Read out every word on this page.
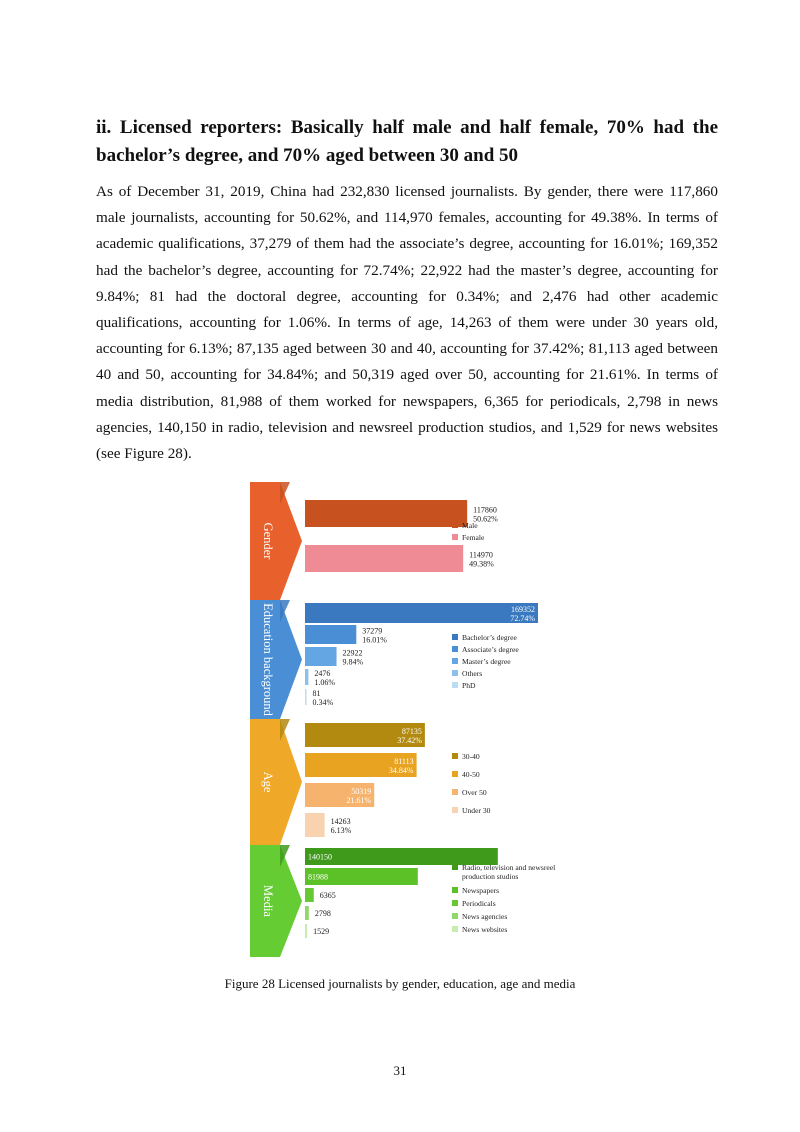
ii. Licensed reporters: Basically half male and half female, 70% had the bachelor’s degree, and 70% aged between 30 and 50

As of December 31, 2019, China had 232,830 licensed journalists. By gender, there were 117,860 male journalists, accounting for 50.62%, and 114,970 females, accounting for 49.38%. In terms of academic qualifications, 37,279 of them had the associate’s degree, accounting for 16.01%; 169,352 had the bachelor’s degree, accounting for 72.74%; 22,922 had the master’s degree, accounting for 9.84%; 81 had the doctoral degree, accounting for 0.34%; and 2,476 had other academic qualifications, accounting for 1.06%. In terms of age, 14,263 of them were under 30 years old, accounting for 6.13%; 87,135 aged between 30 and 40, accounting for 37.42%; 81,113 aged between 40 and 50, accounting for 34.84%; and 50,319 aged over 50, accounting for 21.61%. In terms of media distribution, 81,988 of them worked for newspapers, 6,365 for periodicals, 2,798 in news agencies, 140,150 in radio, television and newsreel production studios, and 1,529 for news websites (see Figure 28).

Gender
117860
50.62%
114970
49.38%
Male
Female
Education background	169352
72.74%
37279
16.01%
22922
9.84%
2476
1.06%
81
0.34%
Bachelor’s degree
Associate’s degree
Master’s degree
Others
PhD
Age
87135
37.42%
81113
34.84%
50319
21.61%
14263
6.13%
30-40
40-50
Over 50
Under 30
Media
140150
81988
6365
2798
1529
Radio, television and newsreel
production studios
Newspapers
Periodicals
News agencies
News websites

Figure 28 Licensed journalists by gender, education, age and media

31
